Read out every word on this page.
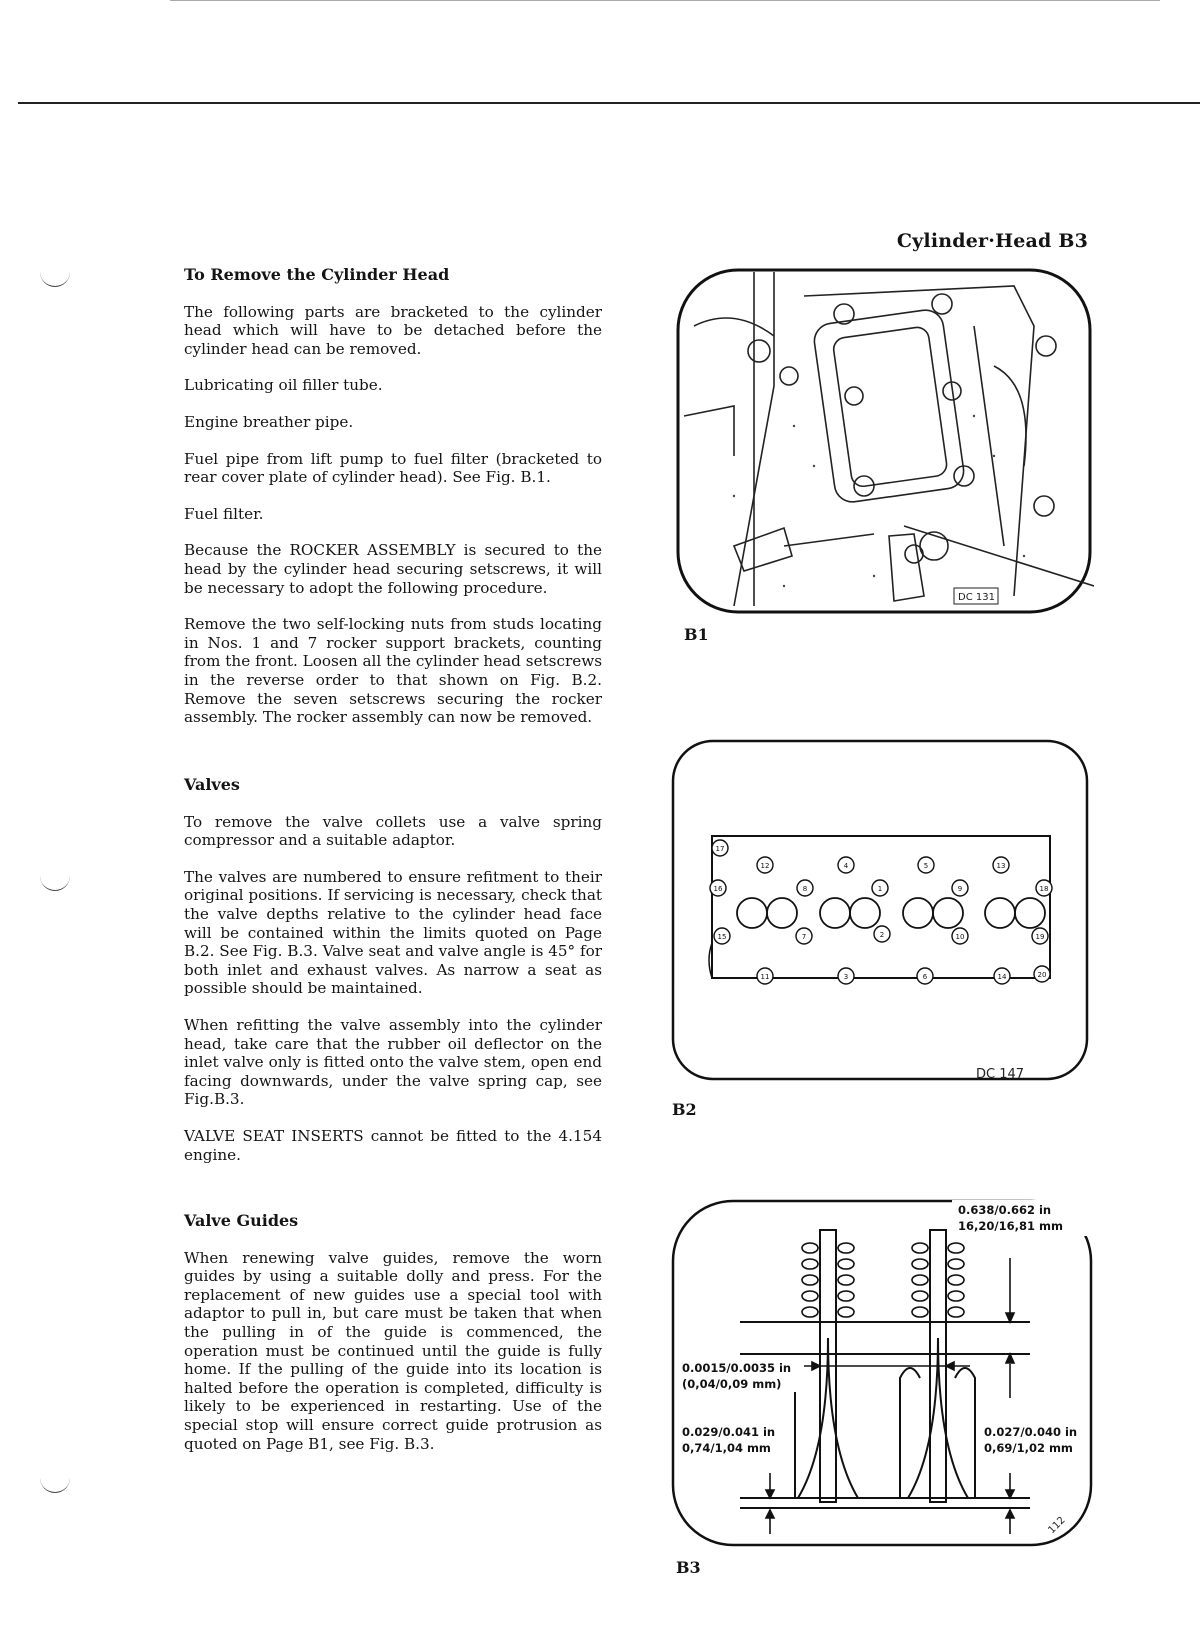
Cylinder·Head B3
To Remove the Cylinder Head

The following parts are bracketed to the cylinder head which will have to be detached before the cylinder head can be removed.

Lubricating oil filler tube.

Engine breather pipe.

Fuel pipe from lift pump to fuel filter (bracketed to rear cover plate of cylinder head). See Fig. B.1.

Fuel filter.

Because the ROCKER ASSEMBLY is secured to the head by the cylinder head securing setscrews, it will be necessary to adopt the following procedure.

Remove the two self-locking nuts from studs locating in Nos. 1 and 7 rocker support brackets, counting from the front. Loosen all the cylinder head setscrews in the reverse order to that shown on Fig. B.2. Remove the seven setscrews securing the rocker assembly. The rocker assembly can now be removed.

Valves

To remove the valve collets use a valve spring compressor and a suitable adaptor.

The valves are numbered to ensure refitment to their original positions. If servicing is necessary, check that the valve depths relative to the cylinder head face will be contained within the limits quoted on Page B.2. See Fig. B.3. Valve seat and valve angle is 45° for both inlet and exhaust valves. As narrow a seat as possible should be maintained.

When refitting the valve assembly into the cylinder head, take care that the rubber oil deflector on the inlet valve only is fitted onto the valve stem, open end facing downwards, under the valve spring cap, see Fig.B.3.

VALVE SEAT INSERTS cannot be fitted to the 4.154 engine.

Valve Guides

When renewing valve guides, remove the worn guides by using a suitable dolly and press. For the replacement of new guides use a special tool with adaptor to pull in, but care must be taken that when the pulling in of the guide is commenced, the operation must be continued until the guide is fully home. If the pulling of the guide into its location is halted before the operation is completed, difficulty is likely to be experienced in restarting. Use of the special stop will ensure correct guide protrusion as quoted on Page B1, see Fig. B.3.

DC 131
B1
17
12	4	5	13
16	8	1	9	18
15	7	2	10	19
11	3	6	14	20
DC 147
B2
0.638/0.662 in
16,20/16,81 mm
0.0015/0.0035 in
(0,04/0,09 mm)
0.029/0.041 in
0,74/1,04 mm
0.027/0.040 in
0,69/1,02 mm
112
B3
